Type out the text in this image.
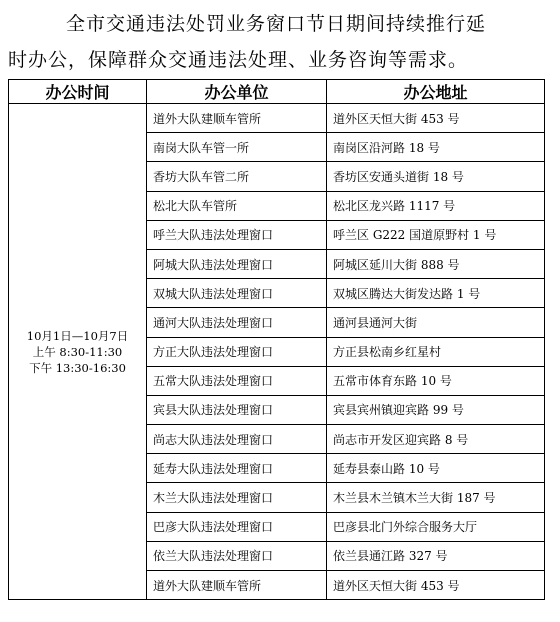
全市交通违法处罚业务窗口节日期间持续推行延

时办公，保障群众交通违法处理、业务咨询等需求。

办公时间	办公单位	办公地址

10月1日—10月7日
上午 8:30-11:30
下午 13:30-16:30	道外大队建顺车管所	道外区天恒大街 453 号
	南岗大队车管一所	南岗区沿河路 18 号
	香坊大队车管二所	香坊区安通头道街 18 号
	松北大队车管所	松北区龙兴路 1117 号
	呼兰大队违法处理窗口	呼兰区 G222 国道原野村 1 号
	阿城大队违法处理窗口	阿城区延川大街 888 号
	双城大队违法处理窗口	双城区腾达大街发达路 1 号
	通河大队违法处理窗口	通河县通河大街
	方正大队违法处理窗口	方正县松南乡红星村
	五常大队违法处理窗口	五常市体育东路 10 号
	宾县大队违法处理窗口	宾县宾州镇迎宾路 99 号
	尚志大队违法处理窗口	尚志市开发区迎宾路 8 号
	延寿大队违法处理窗口	延寿县泰山路 10 号
	木兰大队违法处理窗口	木兰县木兰镇木兰大街 187 号
	巴彦大队违法处理窗口	巴彦县北门外综合服务大厅
	依兰大队违法处理窗口	依兰县通江路 327 号
	道外大队建顺车管所	道外区天恒大街 453 号
